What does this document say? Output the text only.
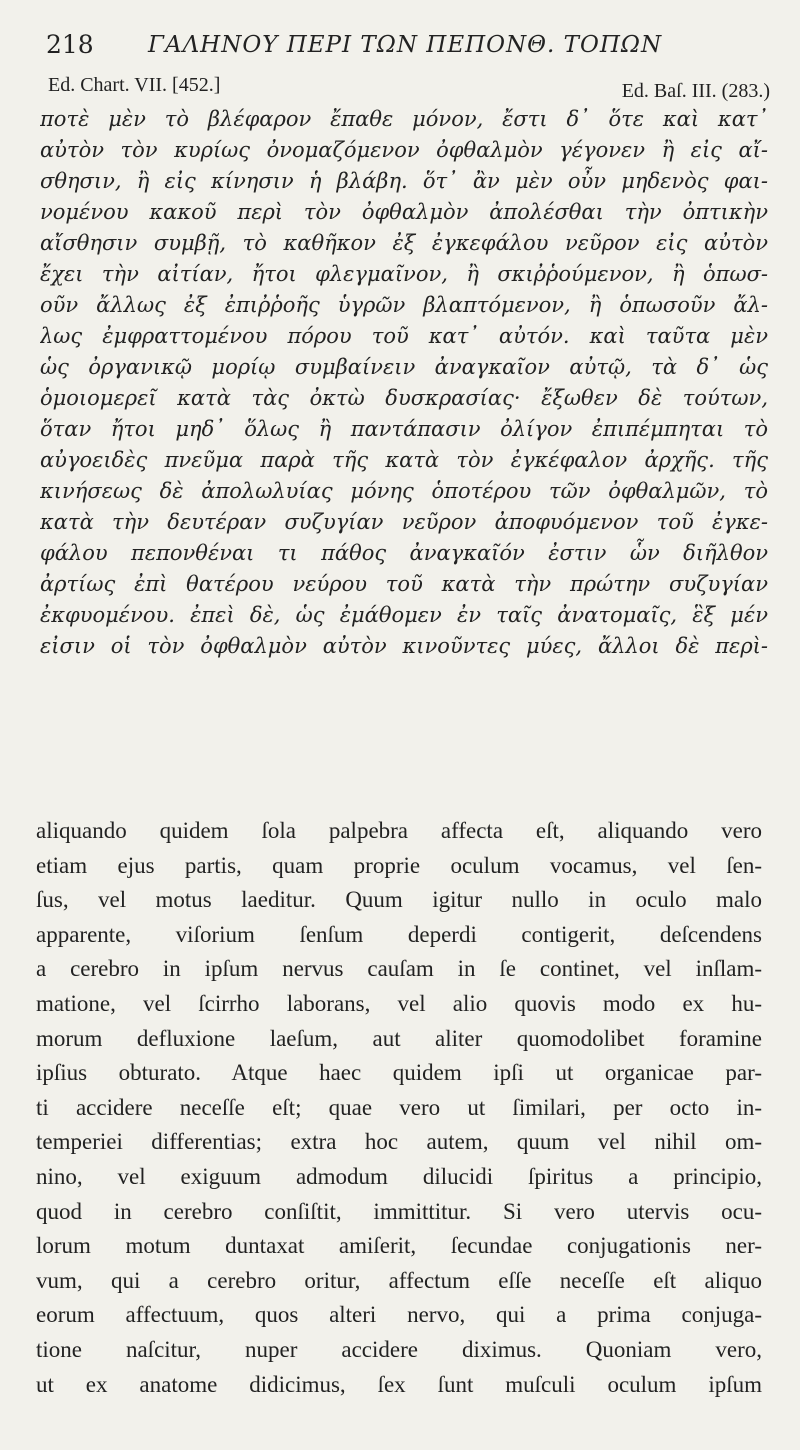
218 ΓΑΛΗΝΟΥ ΠΕΡΙ ΤΩΝ ΠΕΠΟΝΘ. ΤΟΠΩΝ
Ed. Chart. VII. [452.]	Ed. Baſ. III. (283.)
ποτὲ μὲν τὸ βλέφαρον ἔπαθε μόνον, ἔστι δ᾽ ὅτε καὶ κατ᾽
αὐτὸν τὸν κυρίως ὀνομαζόμενον ὀφθαλμὸν γέγονεν ἢ εἰς αἴ-
σθησιν, ἢ εἰς κίνησιν ἡ βλάβη. ὅτ᾽ ἂν μὲν οὖν μηδενὸς φαι-
νομένου κακοῦ περὶ τὸν ὀφθαλμὸν ἀπολέσθαι τὴν ὀπτικὴν
αἴσθησιν συμβῇ, τὸ καθῆκον ἐξ ἐγκεφάλου νεῦρον εἰς αὐτὸν
ἔχει τὴν αἰτίαν, ἤτοι φλεγμαῖνον, ἢ σκιῤῥούμενον, ἢ ὁπωσ-
οῦν ἄλλως ἐξ ἐπιῤῥοῆς ὑγρῶν βλαπτόμενον, ἢ ὁπωσοῦν ἄλ-
λως ἐμφραττομένου πόρου τοῦ κατ᾽ αὐτόν. καὶ ταῦτα μὲν
ὡς ὀργανικῷ μορίῳ συμβαίνειν ἀναγκαῖον αὐτῷ, τὰ δ᾽ ὡς
ὁμοιομερεῖ κατὰ τὰς ὀκτὼ δυσκρασίας· ἔξωθεν δὲ τούτων,
ὅταν ἤτοι μηδ᾽ ὅλως ἢ παντάπασιν ὀλίγον ἐπιπέμπηται τὸ
αὐγοειδὲς πνεῦμα παρὰ τῆς κατὰ τὸν ἐγκέφαλον ἀρχῆς. τῆς
κινήσεως δὲ ἀπολωλυίας μόνης ὁποτέρου τῶν ὀφθαλμῶν, τὸ
κατὰ τὴν δευτέραν συζυγίαν νεῦρον ἀποφυόμενον τοῦ ἐγκε-
φάλου πεπονθέναι τι πάθος ἀναγκαῖόν ἐστιν ὧν διῆλθον
ἀρτίως ἐπὶ θατέρου νεύρου τοῦ κατὰ τὴν πρώτην συζυγίαν
ἐκφυομένου. ἐπεὶ δὲ, ὡς ἐμάθομεν ἐν ταῖς ἀνατομαῖς, ἓξ μέν
εἰσιν οἱ τὸν ὀφθαλμὸν αὐτὸν κινοῦντες μύες, ἄλλοι δὲ περὶ-
aliquando quidem ſola palpebra affecta eſt, aliquando vero
etiam ejus partis, quam proprie oculum vocamus, vel ſen-
ſus, vel motus laeditur. Quum igitur nullo in oculo malo
apparente, viſorium ſenſum deperdi contigerit, deſcendens
a cerebro in ipſum nervus cauſam in ſe continet, vel inſlam-
matione, vel ſcirrho laborans, vel alio quovis modo ex hu-
morum defluxione laeſum, aut aliter quomodolibet foramine
ipſius obturato. Atque haec quidem ipſi ut organicae par-
ti accidere neceſſe eſt; quae vero ut ſimilari, per octo in-
temperiei differentias; extra hoc autem, quum vel nihil om-
nino, vel exiguum admodum dilucidi ſpiritus a principio,
quod in cerebro conſiſtit, immittitur. Si vero utervis ocu-
lorum motum duntaxat amiſerit, ſecundae conjugationis ner-
vum, qui a cerebro oritur, affectum eſſe neceſſe eſt aliquo
eorum affectuum, quos alteri nervo, qui a prima conjuga-
tione naſcitur, nuper accidere diximus. Quoniam vero,
ut ex anatome didicimus, ſex ſunt muſculi oculum ipſum
